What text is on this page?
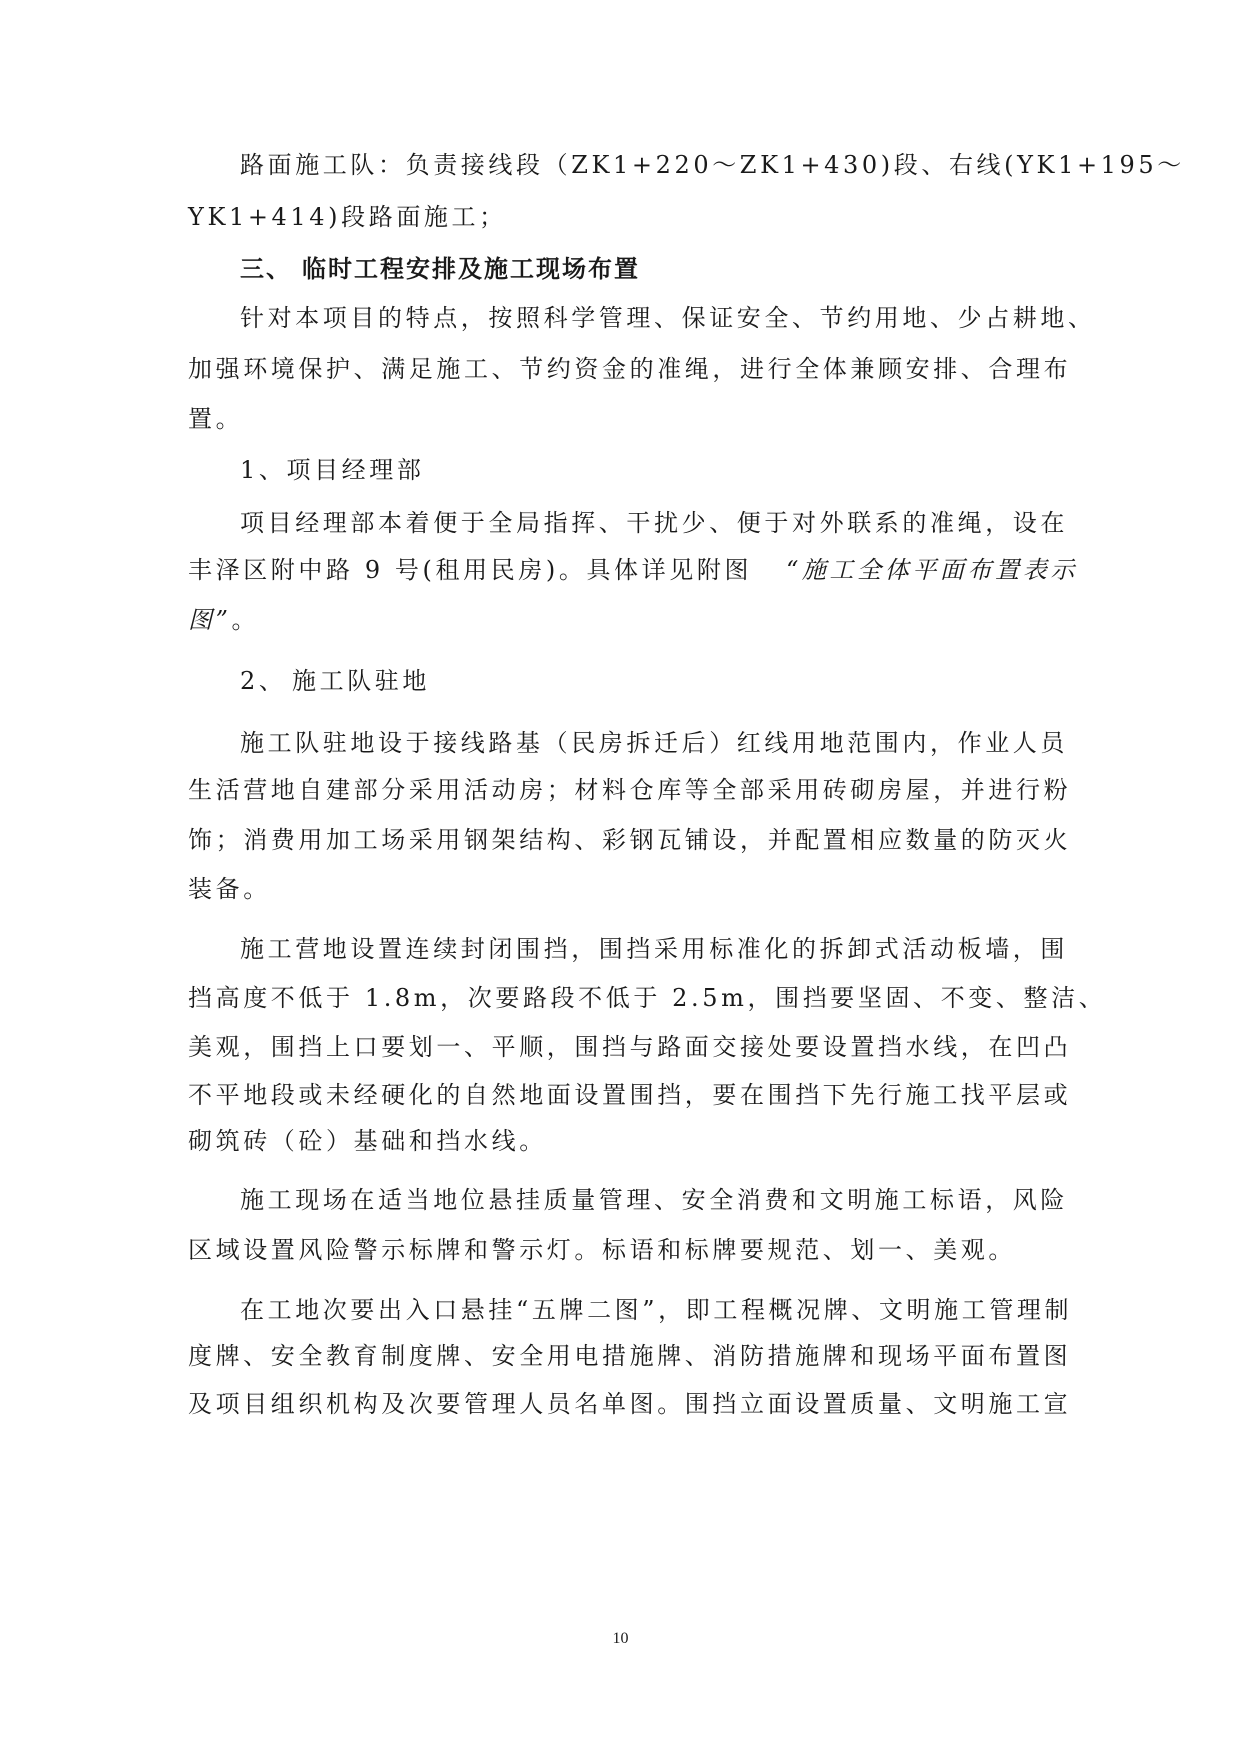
路面施工队：负责接线段（ZK1+220～ZK1+430)段、右线(YK1+195～
YK1+414)段路面施工；
三、 临时工程安排及施工现场布置
针对本项目的特点，按照科学管理、保证安全、节约用地、少占耕地、
加强环境保护、满足施工、节约资金的准绳，进行全体兼顾安排、合理布
置。
1、项目经理部
项目经理部本着便于全局指挥、干扰少、便于对外联系的准绳，设在
丰泽区附中路 9 号(租用民房)。具体详见附图 “施工全体平面布置表示
图”。
2、 施工队驻地
施工队驻地设于接线路基（民房拆迁后）红线用地范围内，作业人员
生活营地自建部分采用活动房；材料仓库等全部采用砖砌房屋，并进行粉
饰；消费用加工场采用钢架结构、彩钢瓦铺设，并配置相应数量的防灭火
装备。
施工营地设置连续封闭围挡，围挡采用标准化的拆卸式活动板墙，围
挡高度不低于 1.8m，次要路段不低于 2.5m，围挡要坚固、不变、整洁、
美观，围挡上口要划一、平顺，围挡与路面交接处要设置挡水线，在凹凸
不平地段或未经硬化的自然地面设置围挡，要在围挡下先行施工找平层或
砌筑砖（砼）基础和挡水线。
施工现场在适当地位悬挂质量管理、安全消费和文明施工标语，风险
区域设置风险警示标牌和警示灯。标语和标牌要规范、划一、美观。
在工地次要出入口悬挂“五牌二图”，即工程概况牌、文明施工管理制
度牌、安全教育制度牌、安全用电措施牌、消防措施牌和现场平面布置图
及项目组织机构及次要管理人员名单图。围挡立面设置质量、文明施工宣
10
